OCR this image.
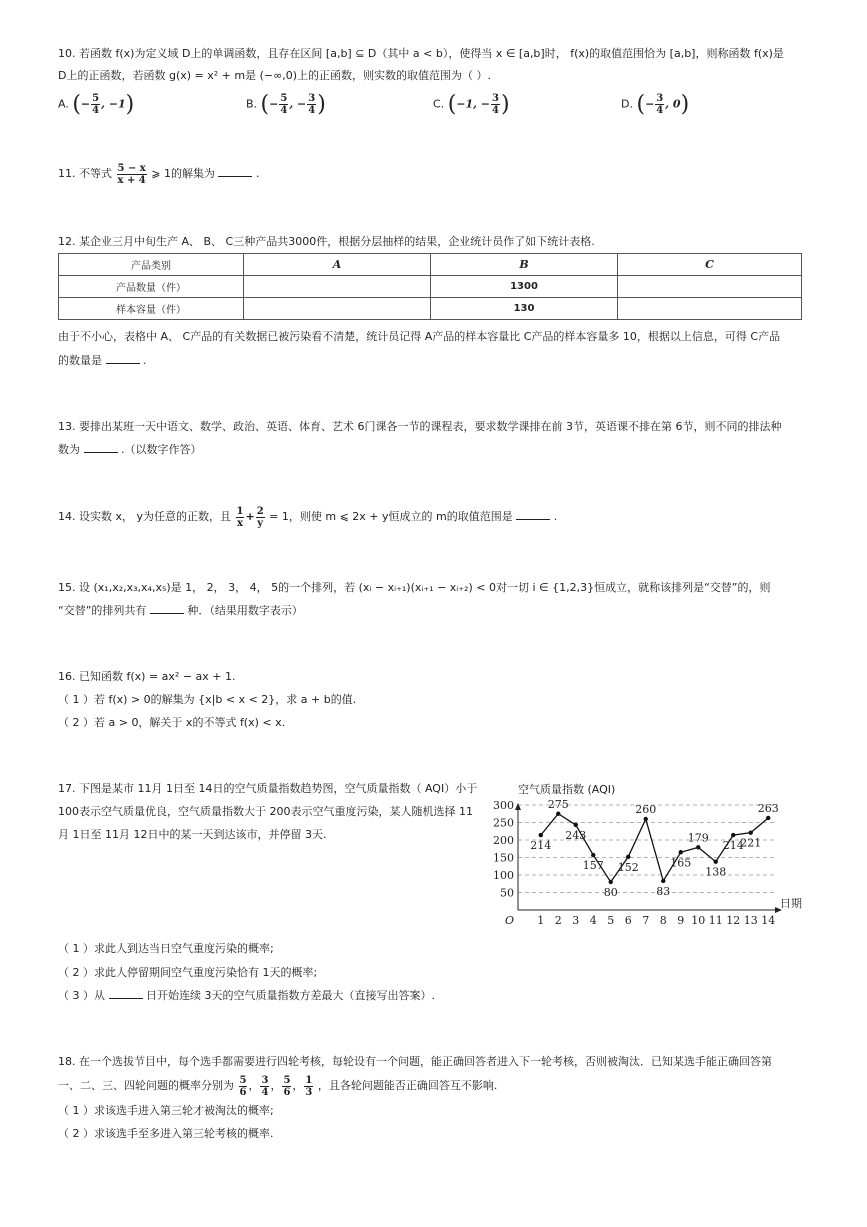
10. 若函数 f(x)为定义域 D上的单调函数，且存在区间 [a,b] ⊆ D（其中 a < b），使得当 x ∈ [a,b]时， f(x)的取值范围恰为 [a,b]，则称函数 f(x)是
D上的正函数，若函数 g(x) = x² + m是 (−∞,0)上的正函数，则实数的取值范围为（ ）.
A. (− $\frac{5}{4}$ , −1)	B. (− $\frac{5}{4}$ , − $\frac{3}{4}$ )	C. (−1, − $\frac{3}{4}$ )	D. (− $\frac{3}{4}$ , 0)
11. 不等式 $\frac{5 - x}{x + 4}$ ⩾ 1的解集为	.
12. 某企业三月中旬生产 A、 B、 C三种产品共3000件，根据分层抽样的结果，企业统计员作了如下统计表格.
产品类别	A	B	C
产品数量（件）		1300	
样本容量（件）		130	
由于不小心，表格中 A、 C产品的有关数据已被污染看不清楚，统计员记得 A产品的样本容量比 C产品的样本容量多 10，根据以上信息，可得 C产品
的数量是	.
13. 要排出某班一天中语文、数学、政治、英语、体育、艺术 6门课各一节的课程表，要求数学课排在前 3节，英语课不排在第 6节，则不同的排法种
数为	.（以数字作答）
14. 设实数 x， y为任意的正数，且 $\frac{1}{x} + \frac{2}{y} = 1$，则使 m ⩽ 2x + y恒成立的 m的取值范围是	.
15. 设 (x₁,x₂,x₃,x₄,x₅)是 1， 2， 3， 4， 5的一个排列，若 (xᵢ − xᵢ₊₁)(xᵢ₊₁ − xᵢ₊₂) < 0对一切 i ∈ {1,2,3}恒成立，就称该排列是“交替”的，则
“交替”的排列共有	种．（结果用数字表示）
16. 已知函数 f(x) = ax² − ax + 1.
（ 1 ）若 f(x) > 0的解集为 {x|b < x < 2}，求 a + b的值.
（ 2 ）若 a > 0，解关于 x的不等式 f(x) < x.
17. 下图是某市 11月 1日至 14日的空气质量指数趋势图，空气质量指数（ AQI）小于
100表示空气质量优良，空气质量指数大于 200表示空气重度污染，某人随机选择 11
月 1日至 11月 12日中的某一天到达该市，并停留 3天.
空气质量指数 (AQI)
50
100
150
200
250
300
1 2 3 4 5 6 7 8 9 10 11 12 13 14
O
日期
214
275
243
157
80
152
260
83
165
179
138
214
221
263
（ 1 ）求此人到达当日空气重度污染的概率;
（ 2 ）求此人停留期间空气重度污染恰有 1天的概率;
（ 3 ）从	日开始连续 3天的空气质量指数方差最大（直接写出答案）.
18. 在一个选拔节目中，每个选手都需要进行四轮考核，每轮设有一个问题，能正确回答者进入下一轮考核，否则被淘汰．已知某选手能正确回答第
一、二、三、四轮问题的概率分别为 $\frac{5}{6}$ ， $\frac{3}{4}$ ， $\frac{5}{6}$ ， $\frac{1}{3}$ ，且各轮问题能否正确回答互不影响.
（ 1 ）求该选手进入第三轮才被淘汰的概率;
（ 2 ）求该选手至多进入第三轮考核的概率.
